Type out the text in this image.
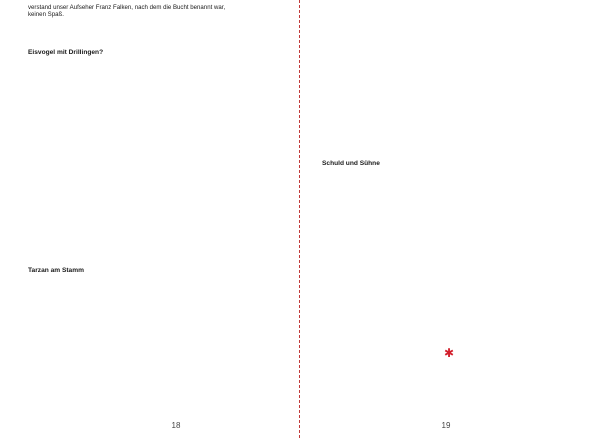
verstand unser Aufseher Franz Falken, nach dem die Bucht benannt war,
keinen Spaß.

Eisvogel mit Drillingen?

Tarzan am Stamm

18

Schuld und Sühne

✱
19
